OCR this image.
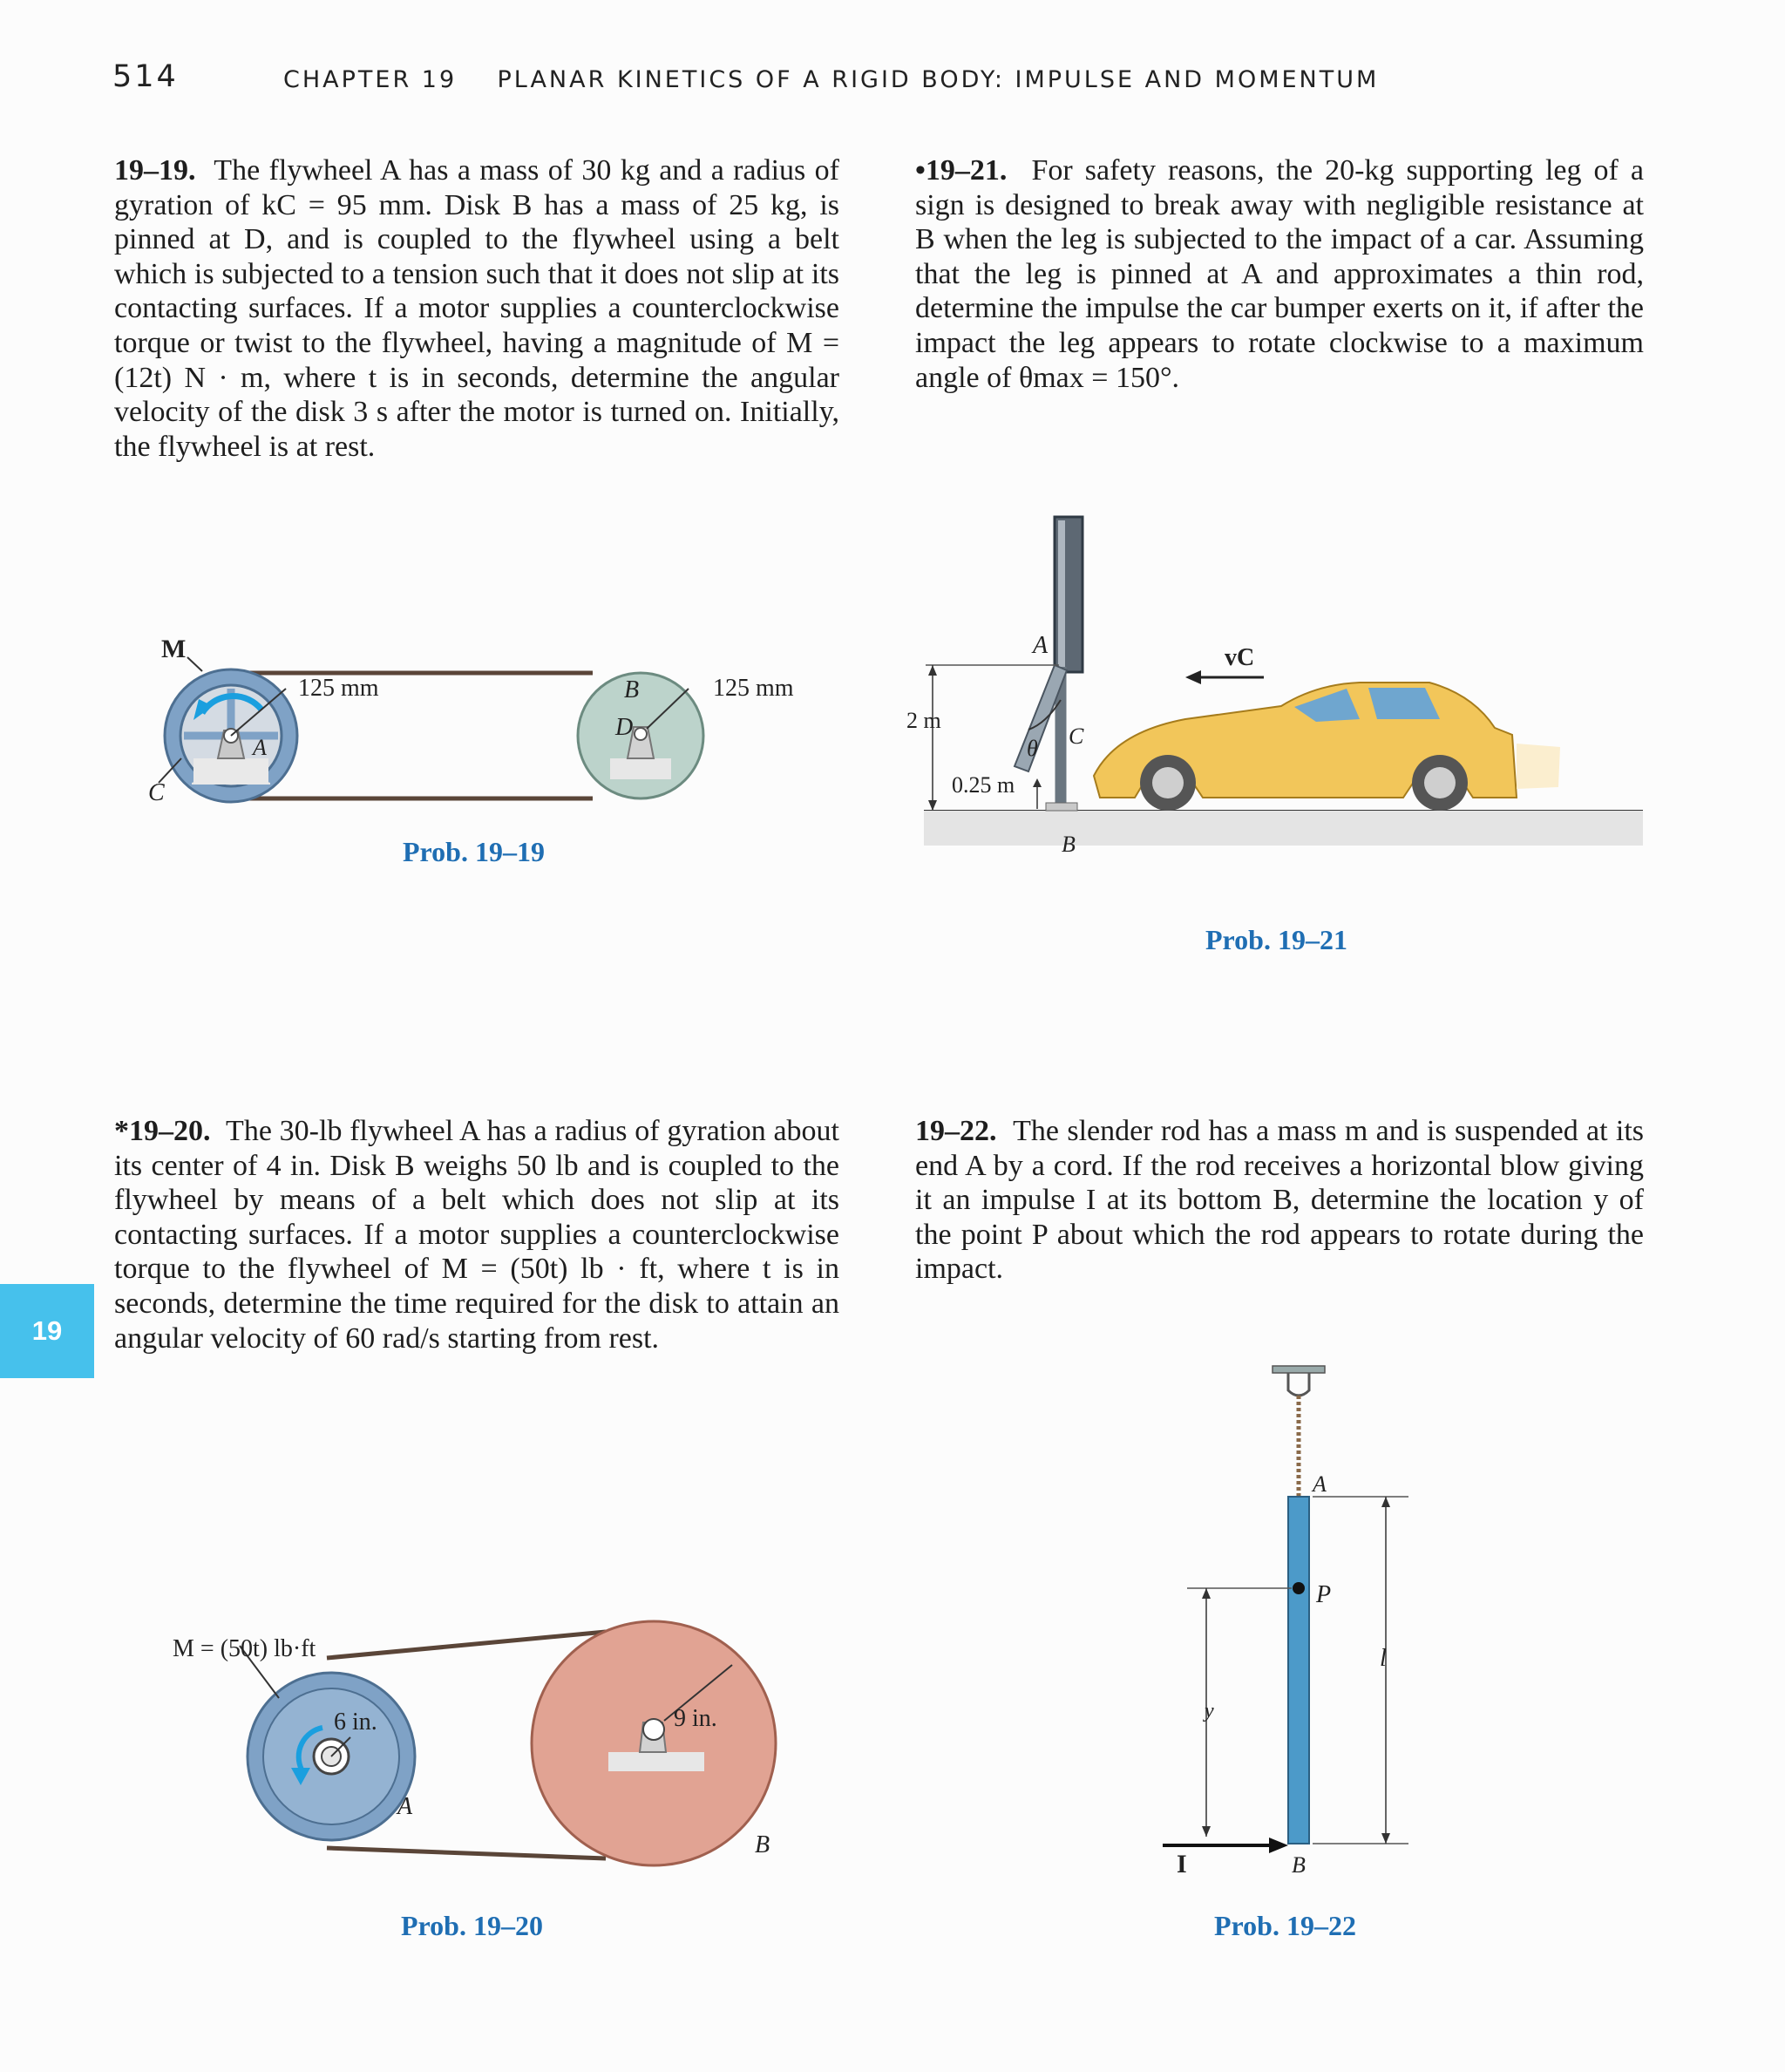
514	CHAPTER 19 PLANAR KINETICS OF A RIGID BODY: IMPULSE AND MOMENTUM
19

19–19. The flywheel A has a mass of 30 kg and a radius of gyration of kC = 95 mm. Disk B has a mass of 25 kg, is pinned at D, and is coupled to the flywheel using a belt which is subjected to a tension such that it does not slip at its contacting surfaces. If a motor supplies a counterclockwise torque or twist to the flywheel, having a magnitude of M = (12t) N · m, where t is in seconds, determine the angular velocity of the disk 3 s after the motor is turned on. Initially, the flywheel is at rest.

•19–21. For safety reasons, the 20-kg supporting leg of a sign is designed to break away with negligible resistance at B when the leg is subjected to the impact of a car. Assuming that the leg is pinned at A and approximates a thin rod, determine the impulse the car bumper exerts on it, if after the impact the leg appears to rotate clockwise to a maximum angle of θmax = 150°.

*19–20. The 30-lb flywheel A has a radius of gyration about its center of 4 in. Disk B weighs 50 lb and is coupled to the flywheel by means of a belt which does not slip at its contacting surfaces. If a motor supplies a counterclockwise torque to the flywheel of M = (50t) lb · ft, where t is in seconds, determine the time required for the disk to attain an angular velocity of 60 rad/s starting from rest.

19–22. The slender rod has a mass m and is suspended at its end A by a cord. If the rod receives a horizontal blow giving it an impulse I at its bottom B, determine the location y of the point P about which the rod appears to rotate during the impact.

M
C
A
125 mm	B
D
125 mm
Prob. 19–19
A
C
θ
2 m
0.25 m
B
vC
Prob. 19–21
M = (50t) lb·ft
6 in.	9 in.
A
B
Prob. 19–20
A
P
y
l
B
I
Prob. 19–22
